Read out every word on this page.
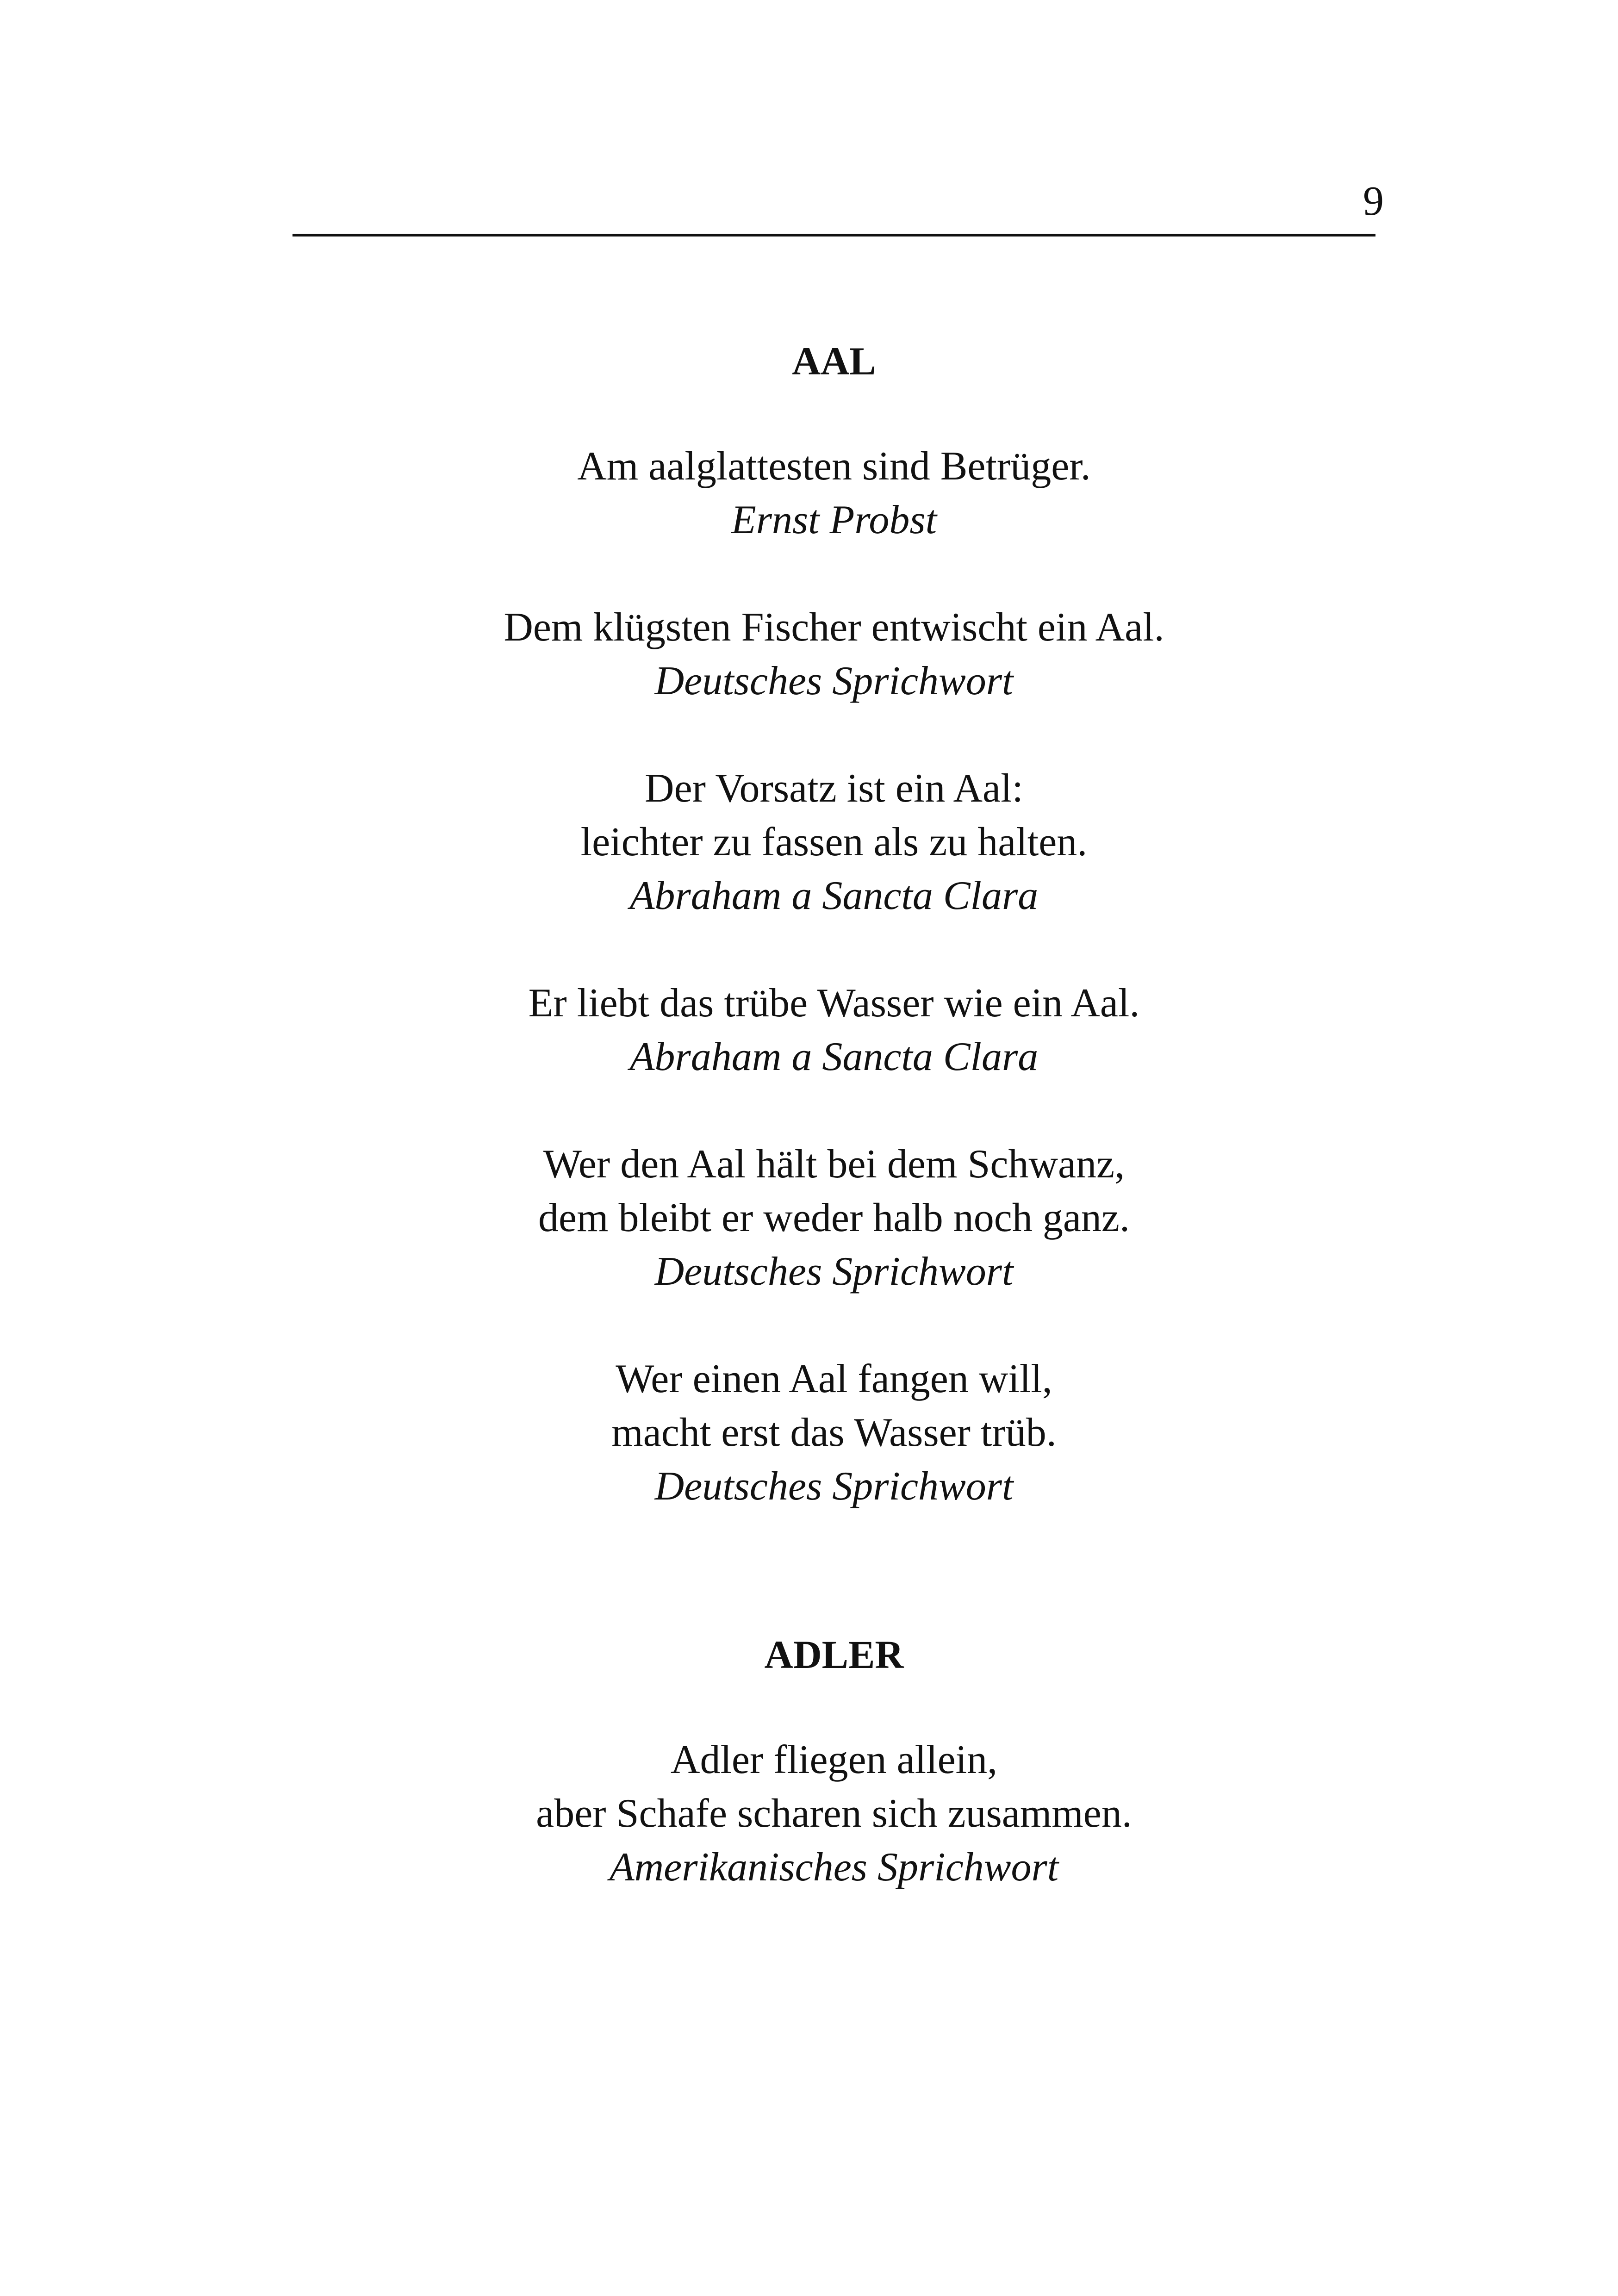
9
AAL
Am aalglattesten sind Betrüger.
Ernst Probst
Dem klügsten Fischer entwischt ein Aal.
Deutsches Sprichwort
Der Vorsatz ist ein Aal:
leichter zu fassen als zu halten.
Abraham a Sancta Clara
Er liebt das trübe Wasser wie ein Aal.
Abraham a Sancta Clara
Wer den Aal hält bei dem Schwanz,
dem bleibt er weder halb noch ganz.
Deutsches Sprichwort
Wer einen Aal fangen will,
macht erst das Wasser trüb.
Deutsches Sprichwort
ADLER
Adler fliegen allein,
aber Schafe scharen sich zusammen.
Amerikanisches Sprichwort
